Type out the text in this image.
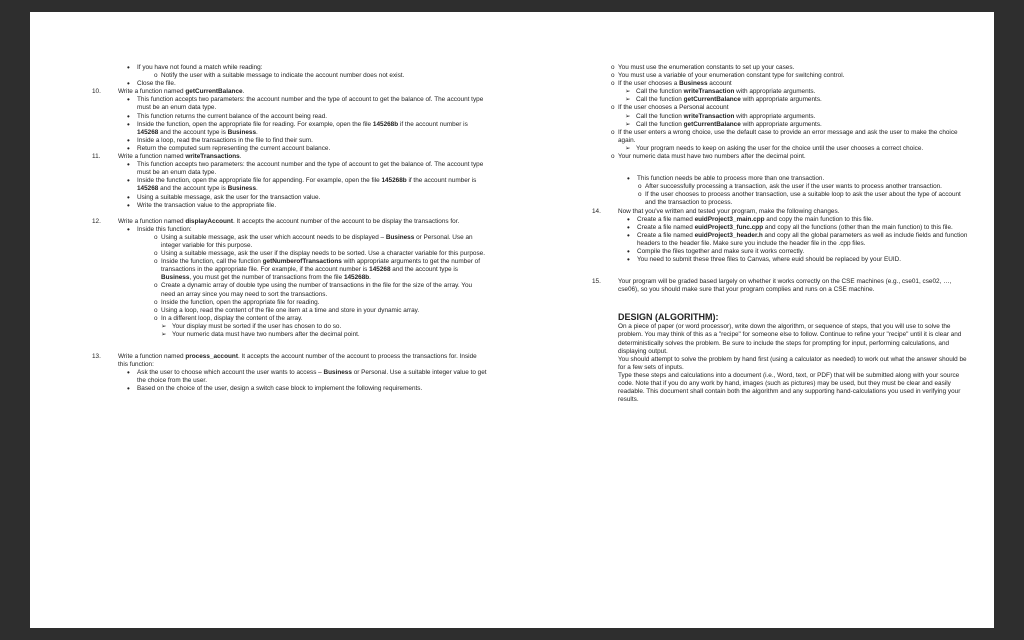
• If you have not found a match while reading:
o Notify the user with a suitable message to indicate the account number does not exist.
• Close the file.
10.	Write a function named getCurrentBalance.
• This function accepts two parameters: the account number and the type of account to get the balance of. The account type must be an enum data type.
• This function returns the current balance of the account being read.
• Inside the function, open the appropriate file for reading. For example, open the file 145268b if the account number is 145268 and the account type is Business.
• Inside a loop, read the transactions in the file to find their sum.
• Return the computed sum representing the current account balance.
11.	Write a function named writeTransactions.
• This function accepts two parameters: the account number and the type of account to get the balance of. The account type must be an enum data type.
• Inside the function, open the appropriate file for appending. For example, open the file 145268b if the account number is 145268 and the account type is Business.
• Using a suitable message, ask the user for the transaction value.
• Write the transaction value to the appropriate file.
12.	Write a function named displayAccount. It accepts the account number of the account to be display the transactions for.
• Inside this function:
o Using a suitable message, ask the user which account needs to be displayed – Business or Personal. Use an integer variable for this purpose.
o Using a suitable message, ask the user if the display needs to be sorted. Use a character variable for this purpose.
o Inside the function, call the function getNumberofTransactions with appropriate arguments to get the number of transactions in the appropriate file. For example, if the account number is 145268 and the account type is Business, you must get the number of transactions from the file 145268b.
o Create a dynamic array of double type using the number of transactions in the file for the size of the array. You need an array since you may need to sort the transactions.
o Inside the function, open the appropriate file for reading.
o Using a loop, read the content of the file one item at a time and store in your dynamic array.
o In a different loop, display the content of the array.
➢ Your display must be sorted if the user has chosen to do so.
➢ Your numeric data must have two numbers after the decimal point.
13.	Write a function named process_account. It accepts the account number of the account to process the transactions for. Inside this function:
• Ask the user to choose which account the user wants to access – Business or Personal. Use a suitable integer value to get the choice from the user.
• Based on the choice of the user, design a switch case block to implement the following requirements.
o You must use the enumeration constants to set up your cases.
o You must use a variable of your enumeration constant type for switching control.
o If the user chooses a Business account
➢ Call the function writeTransaction with appropriate arguments.
➢ Call the function getCurrentBalance with appropriate arguments.
o If the user chooses a Personal account
➢ Call the function writeTransaction with appropriate arguments.
➢ Call the function getCurrentBalance with appropriate arguments.
o If the user enters a wrong choice, use the default case to provide an error message and ask the user to make the choice again.
➢ Your program needs to keep on asking the user for the choice until the user chooses a correct choice.
o Your numeric data must have two numbers after the decimal point.
• This function needs be able to process more than one transaction.
o After successfully processing a transaction, ask the user if the user wants to process another transaction.
o If the user chooses to process another transaction, use a suitable loop to ask the user about the type of account and the transaction to process.
14.	Now that you've written and tested your program, make the following changes.
• Create a file named euidProject3_main.cpp and copy the main function to this file.
• Create a file named euidProject3_func.cpp and copy all the functions (other than the main function) to this file.
• Create a file named euidProject3_header.h and copy all the global parameters as well as include fields and function headers to the header file. Make sure you include the header file in the .cpp files.
• Compile the files together and make sure it works correctly.
• You need to submit these three files to Canvas, where euid should be replaced by your EUID.
15.	Your program will be graded based largely on whether it works correctly on the CSE machines (e.g., cse01, cse02, …, cse06), so you should make sure that your program complies and runs on a CSE machine.
DESIGN (ALGORITHM):
On a piece of paper (or word processor), write down the algorithm, or sequence of steps, that you will use to solve the problem. You may think of this as a "recipe" for someone else to follow. Continue to refine your "recipe" until it is clear and deterministically solves the problem. Be sure to include the steps for prompting for input, performing calculations, and displaying output.
You should attempt to solve the problem by hand first (using a calculator as needed) to work out what the answer should be for a few sets of inputs.
Type these steps and calculations into a document (i.e., Word, text, or PDF) that will be submitted along with your source code. Note that if you do any work by hand, images (such as pictures) may be used, but they must be clear and easily readable. This document shall contain both the algorithm and any supporting hand-calculations you used in verifying your results.
